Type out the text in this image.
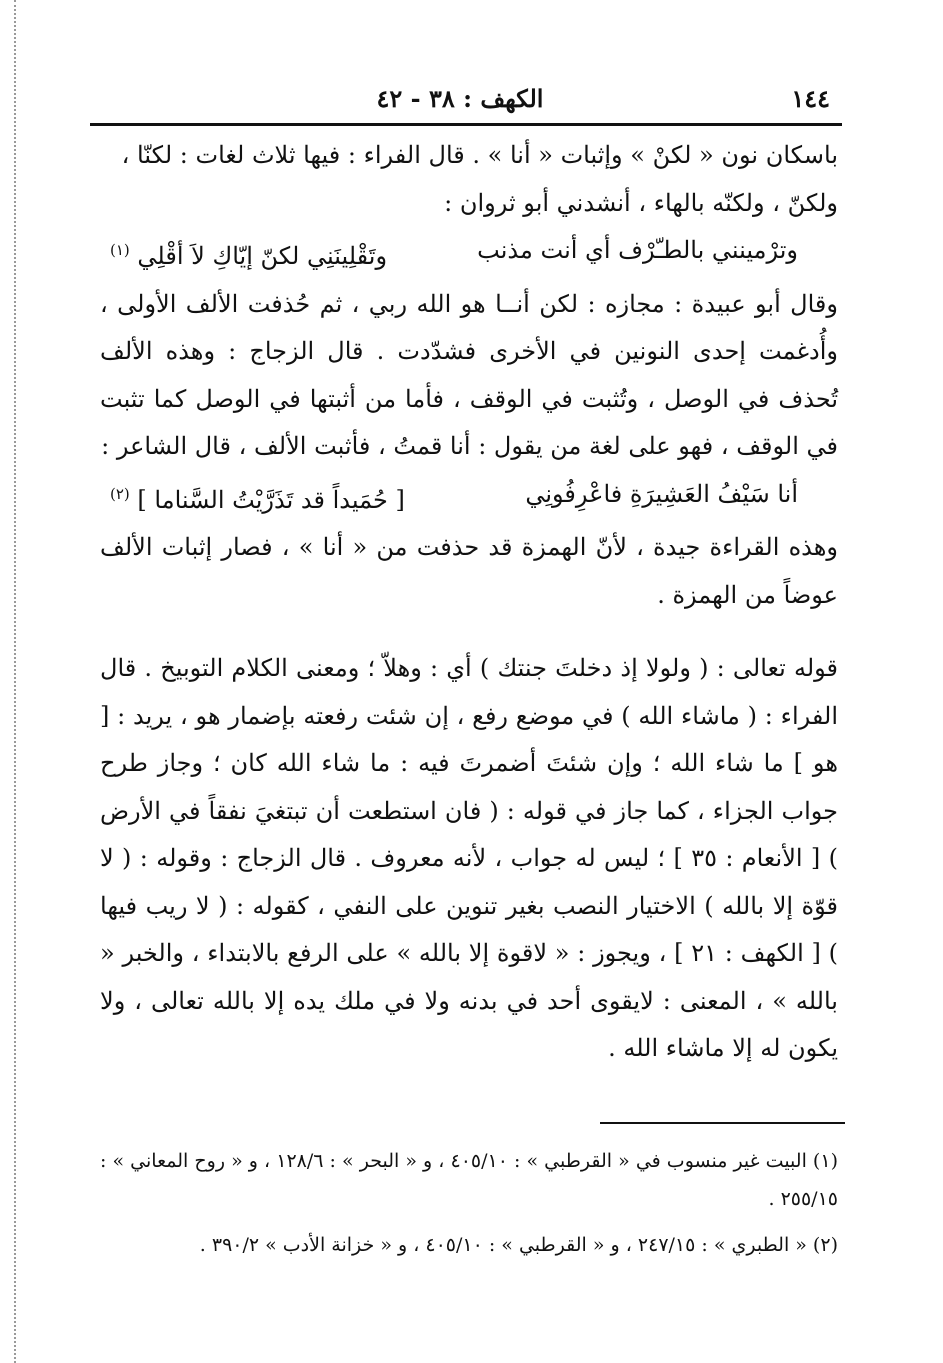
١٤٤
الكهف : ٣٨ - ٤٢

باسكان نون « لكنْ » وإثبات « أنا » . قال الفراء : فيها ثلاث لغات : لكنّا ،

ولكنّ ، ولكنّه بالهاء ، أنشدني أبو ثروان :

وترْمينني بالطـّرْف أي أنت مذنب
وتَقْلِينَنِي لكنّ إيّاكِ لاَ أقْلِي $^{(١)}$

وقال أبو عبيدة : مجازه : لكن أنــا هو الله ربي ، ثم حُذفت الألف الأولى ، وأُدغمت إحدى النونين في الأخرى فشدّدت . قال الزجاج : وهذه الألف تُحذف في الوصل ، وتُثبت في الوقف ، فأما من أثبتها في الوصل كما تثبت في الوقف ، فهو على لغة من يقول : أنا قمتُ ، فأثبت الألف ، قال الشاعر :

أنا سَيْفُ العَشِيرَةِ فاعْرِفُونِي
[ حُمَيداً قد تَذَرَّيْتُ السَّناما ] $^{(٢)}$

وهذه القراءة جيدة ، لأنّ الهمزة قد حذفت من « أنا » ، فصار إثبات الألف عوضاً من الهمزة .

قوله تعالى : ( ولولا إذ دخلتَ جنتك ) أي : وهلاّ ؛ ومعنى الكلام التوبيخ . قال الفراء : ( ماشاء الله ) في موضع رفع ، إن شئت رفعته بإضمار هو ، يريد : [ هو ] ما شاء الله ؛ وإن شئتَ أضمرتَ فيه : ما شاء الله كان ؛ وجاز طرح جواب الجزاء ، كما جاز في قوله : ( فان استطعت أن تبتغيَ نفقاً في الأرض ) [ الأنعام : ٣٥ ] ؛ ليس له جواب ، لأنه معروف . قال الزجاج : وقوله : ( لا قوّة إلا بالله ) الاختيار النصب بغير تنوين على النفي ، كقوله : ( لا ريب فيها ) [ الكهف : ٢١ ] ، ويجوز : « لاقوة إلا بالله » على الرفع بالابتداء ، والخبر « بالله » ، المعنى : لايقوى أحد في بدنه ولا في ملك يده إلا بالله تعالى ، ولا يكون له إلا ماشاء الله .

(١) البيت غير منسوب في « القرطبي » : ٤٠٥/١٠ ، و « البحر » : ١٢٨/٦ ، و « روح المعاني » : ٢٥٥/١٥ .

(٢) « الطبري » : ٢٤٧/١٥ ، و « القرطبي » : ٤٠٥/١٠ ، و « خزانة الأدب » ٣٩٠/٢ .
